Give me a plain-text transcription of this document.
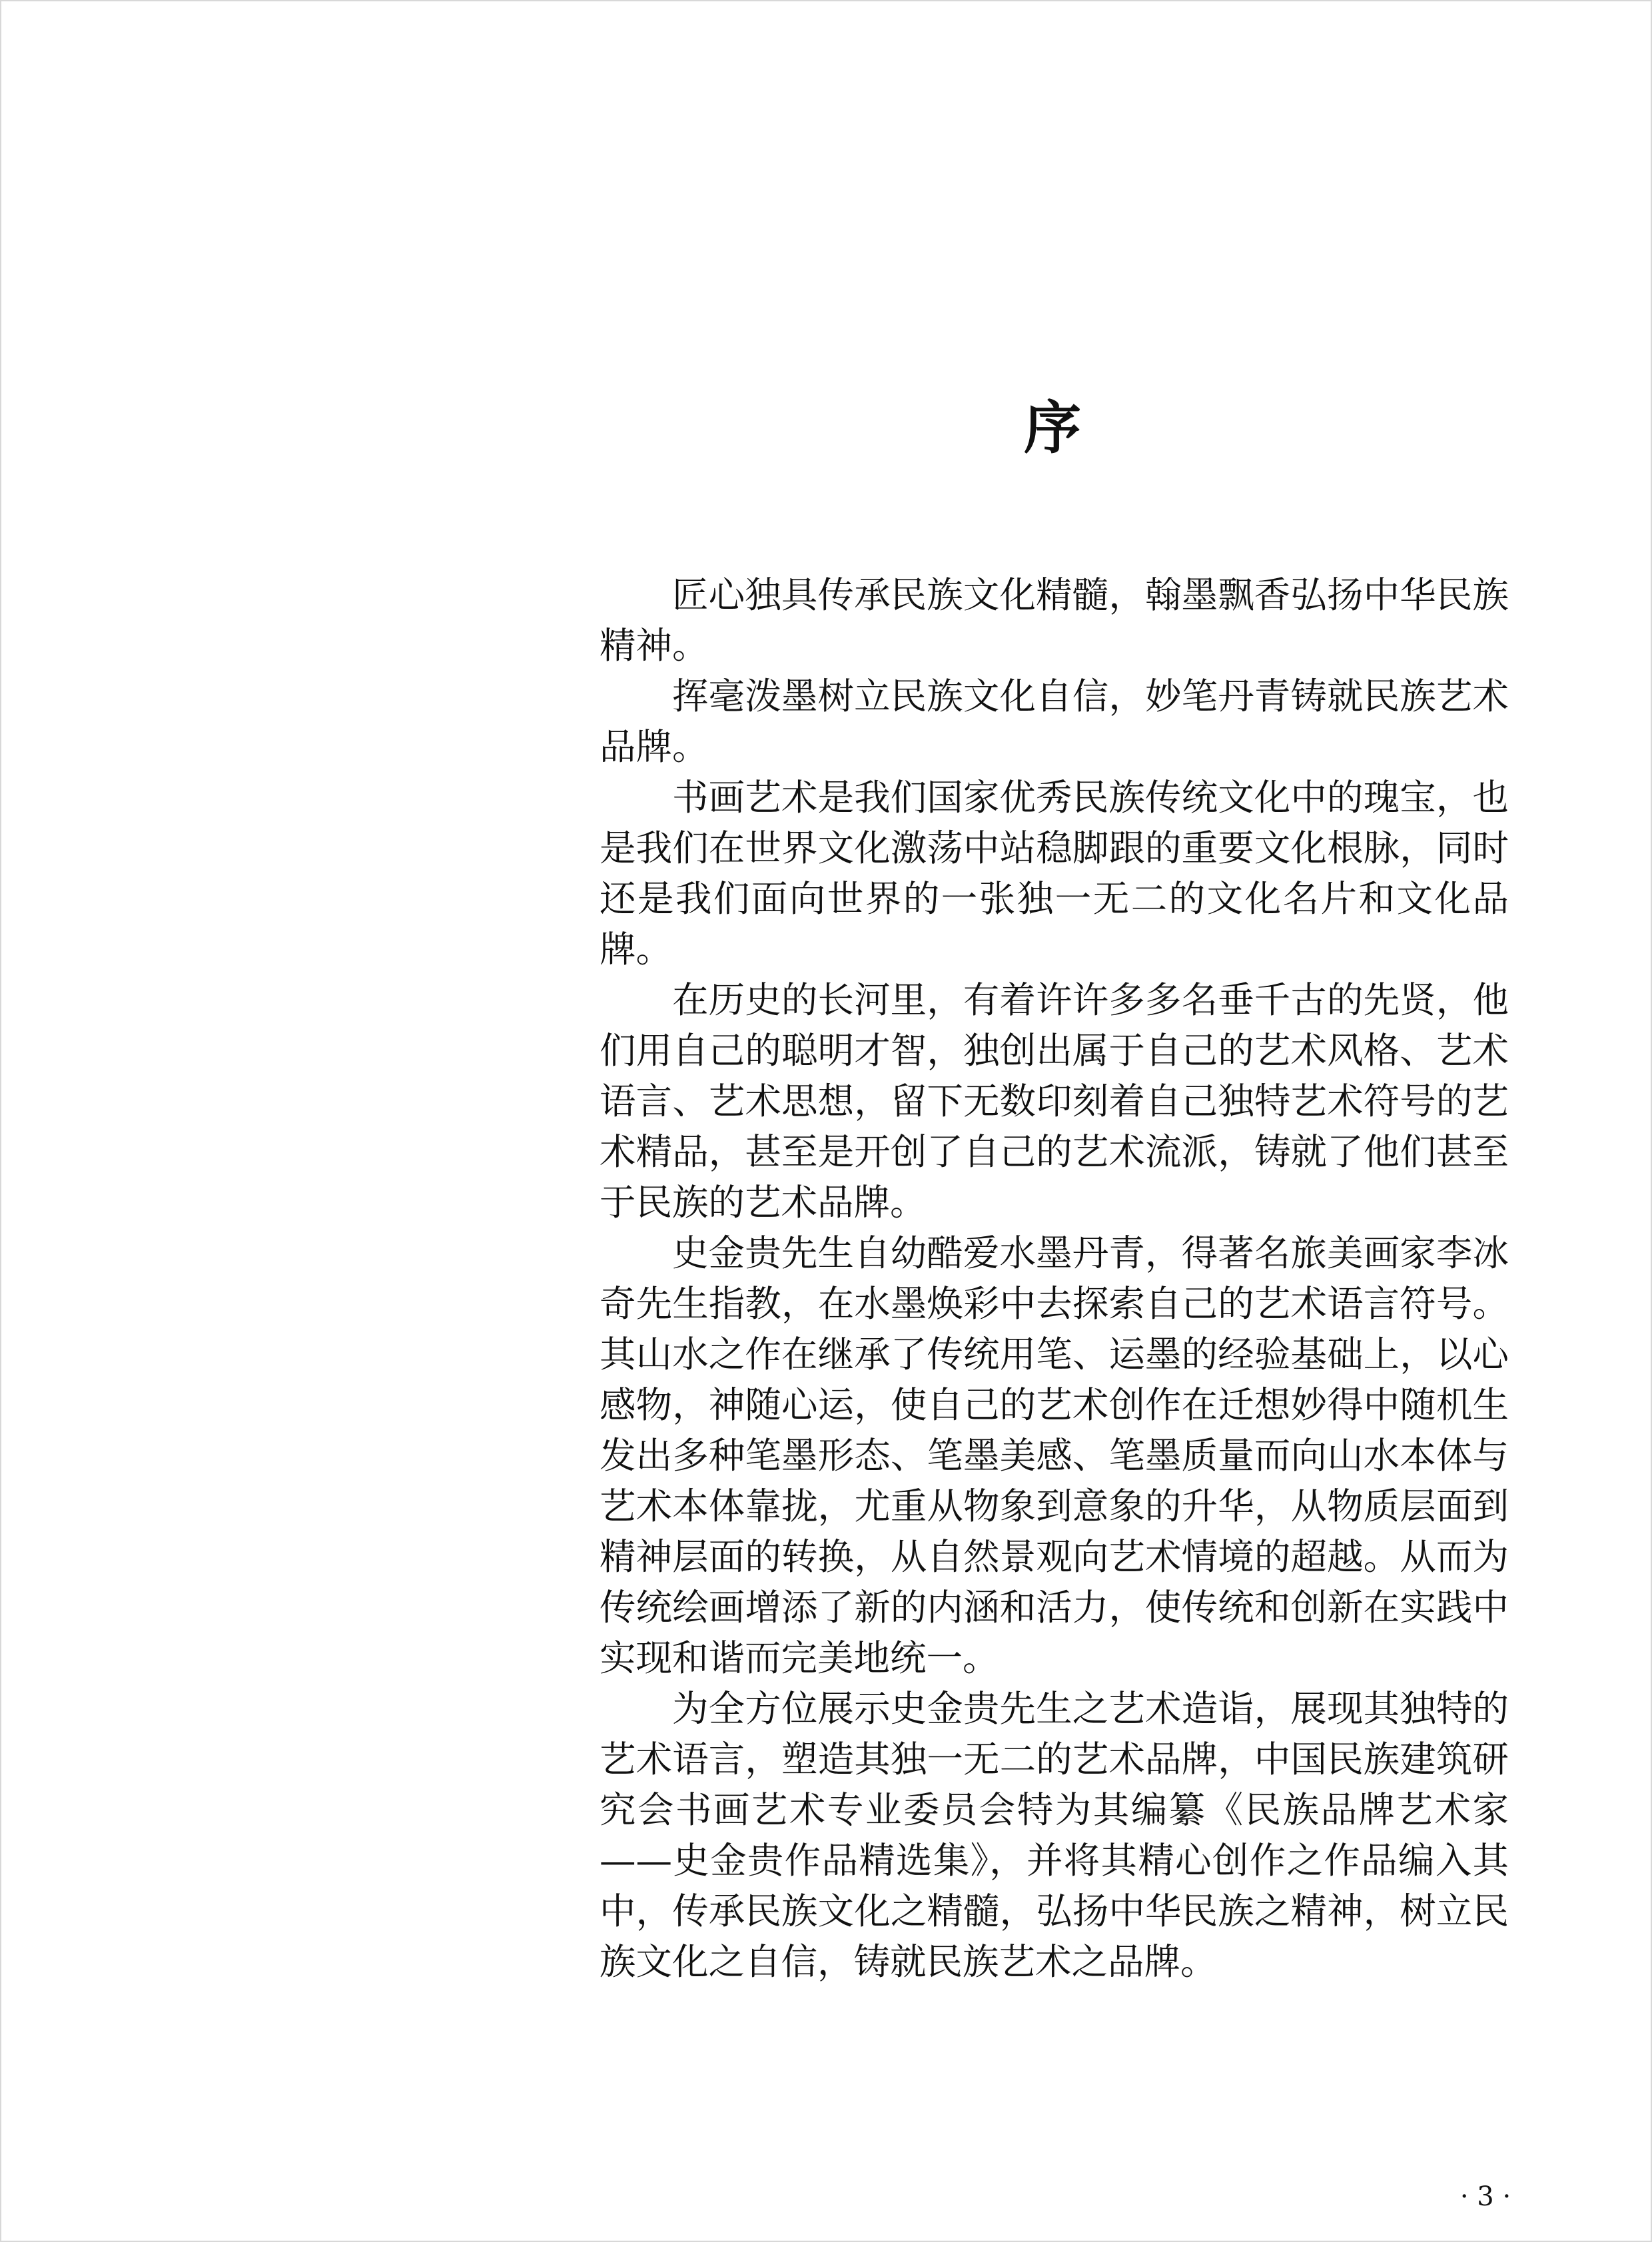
序

匠心独具传承民族文化精髓，翰墨飘香弘扬中华民族精神。

挥毫泼墨树立民族文化自信，妙笔丹青铸就民族艺术品牌。

书画艺术是我们国家优秀民族传统文化中的瑰宝，也是我们在世界文化激荡中站稳脚跟的重要文化根脉，同时还是我们面向世界的一张独一无二的文化名片和文化品牌。

在历史的长河里，有着许许多多名垂千古的先贤，他们用自己的聪明才智，独创出属于自己的艺术风格、艺术语言、艺术思想，留下无数印刻着自己独特艺术符号的艺术精品，甚至是开创了自己的艺术流派，铸就了他们甚至于民族的艺术品牌。

史金贵先生自幼酷爱水墨丹青，得著名旅美画家李冰奇先生指教，在水墨焕彩中去探索自己的艺术语言符号。其山水之作在继承了传统用笔、运墨的经验基础上，以心感物，神随心运，使自己的艺术创作在迁想妙得中随机生发出多种笔墨形态、笔墨美感、笔墨质量而向山水本体与艺术本体靠拢，尤重从物象到意象的升华，从物质层面到精神层面的转换，从自然景观向艺术情境的超越。从而为传统绘画增添了新的内涵和活力，使传统和创新在实践中实现和谐而完美地统一。

为全方位展示史金贵先生之艺术造诣，展现其独特的艺术语言，塑造其独一无二的艺术品牌，中国民族建筑研究会书画艺术专业委员会特为其编纂《民族品牌艺术家——史金贵作品精选集》，并将其精心创作之作品编入其中，传承民族文化之精髓，弘扬中华民族之精神，树立民族文化之自信，铸就民族艺术之品牌。

· 3 ·
